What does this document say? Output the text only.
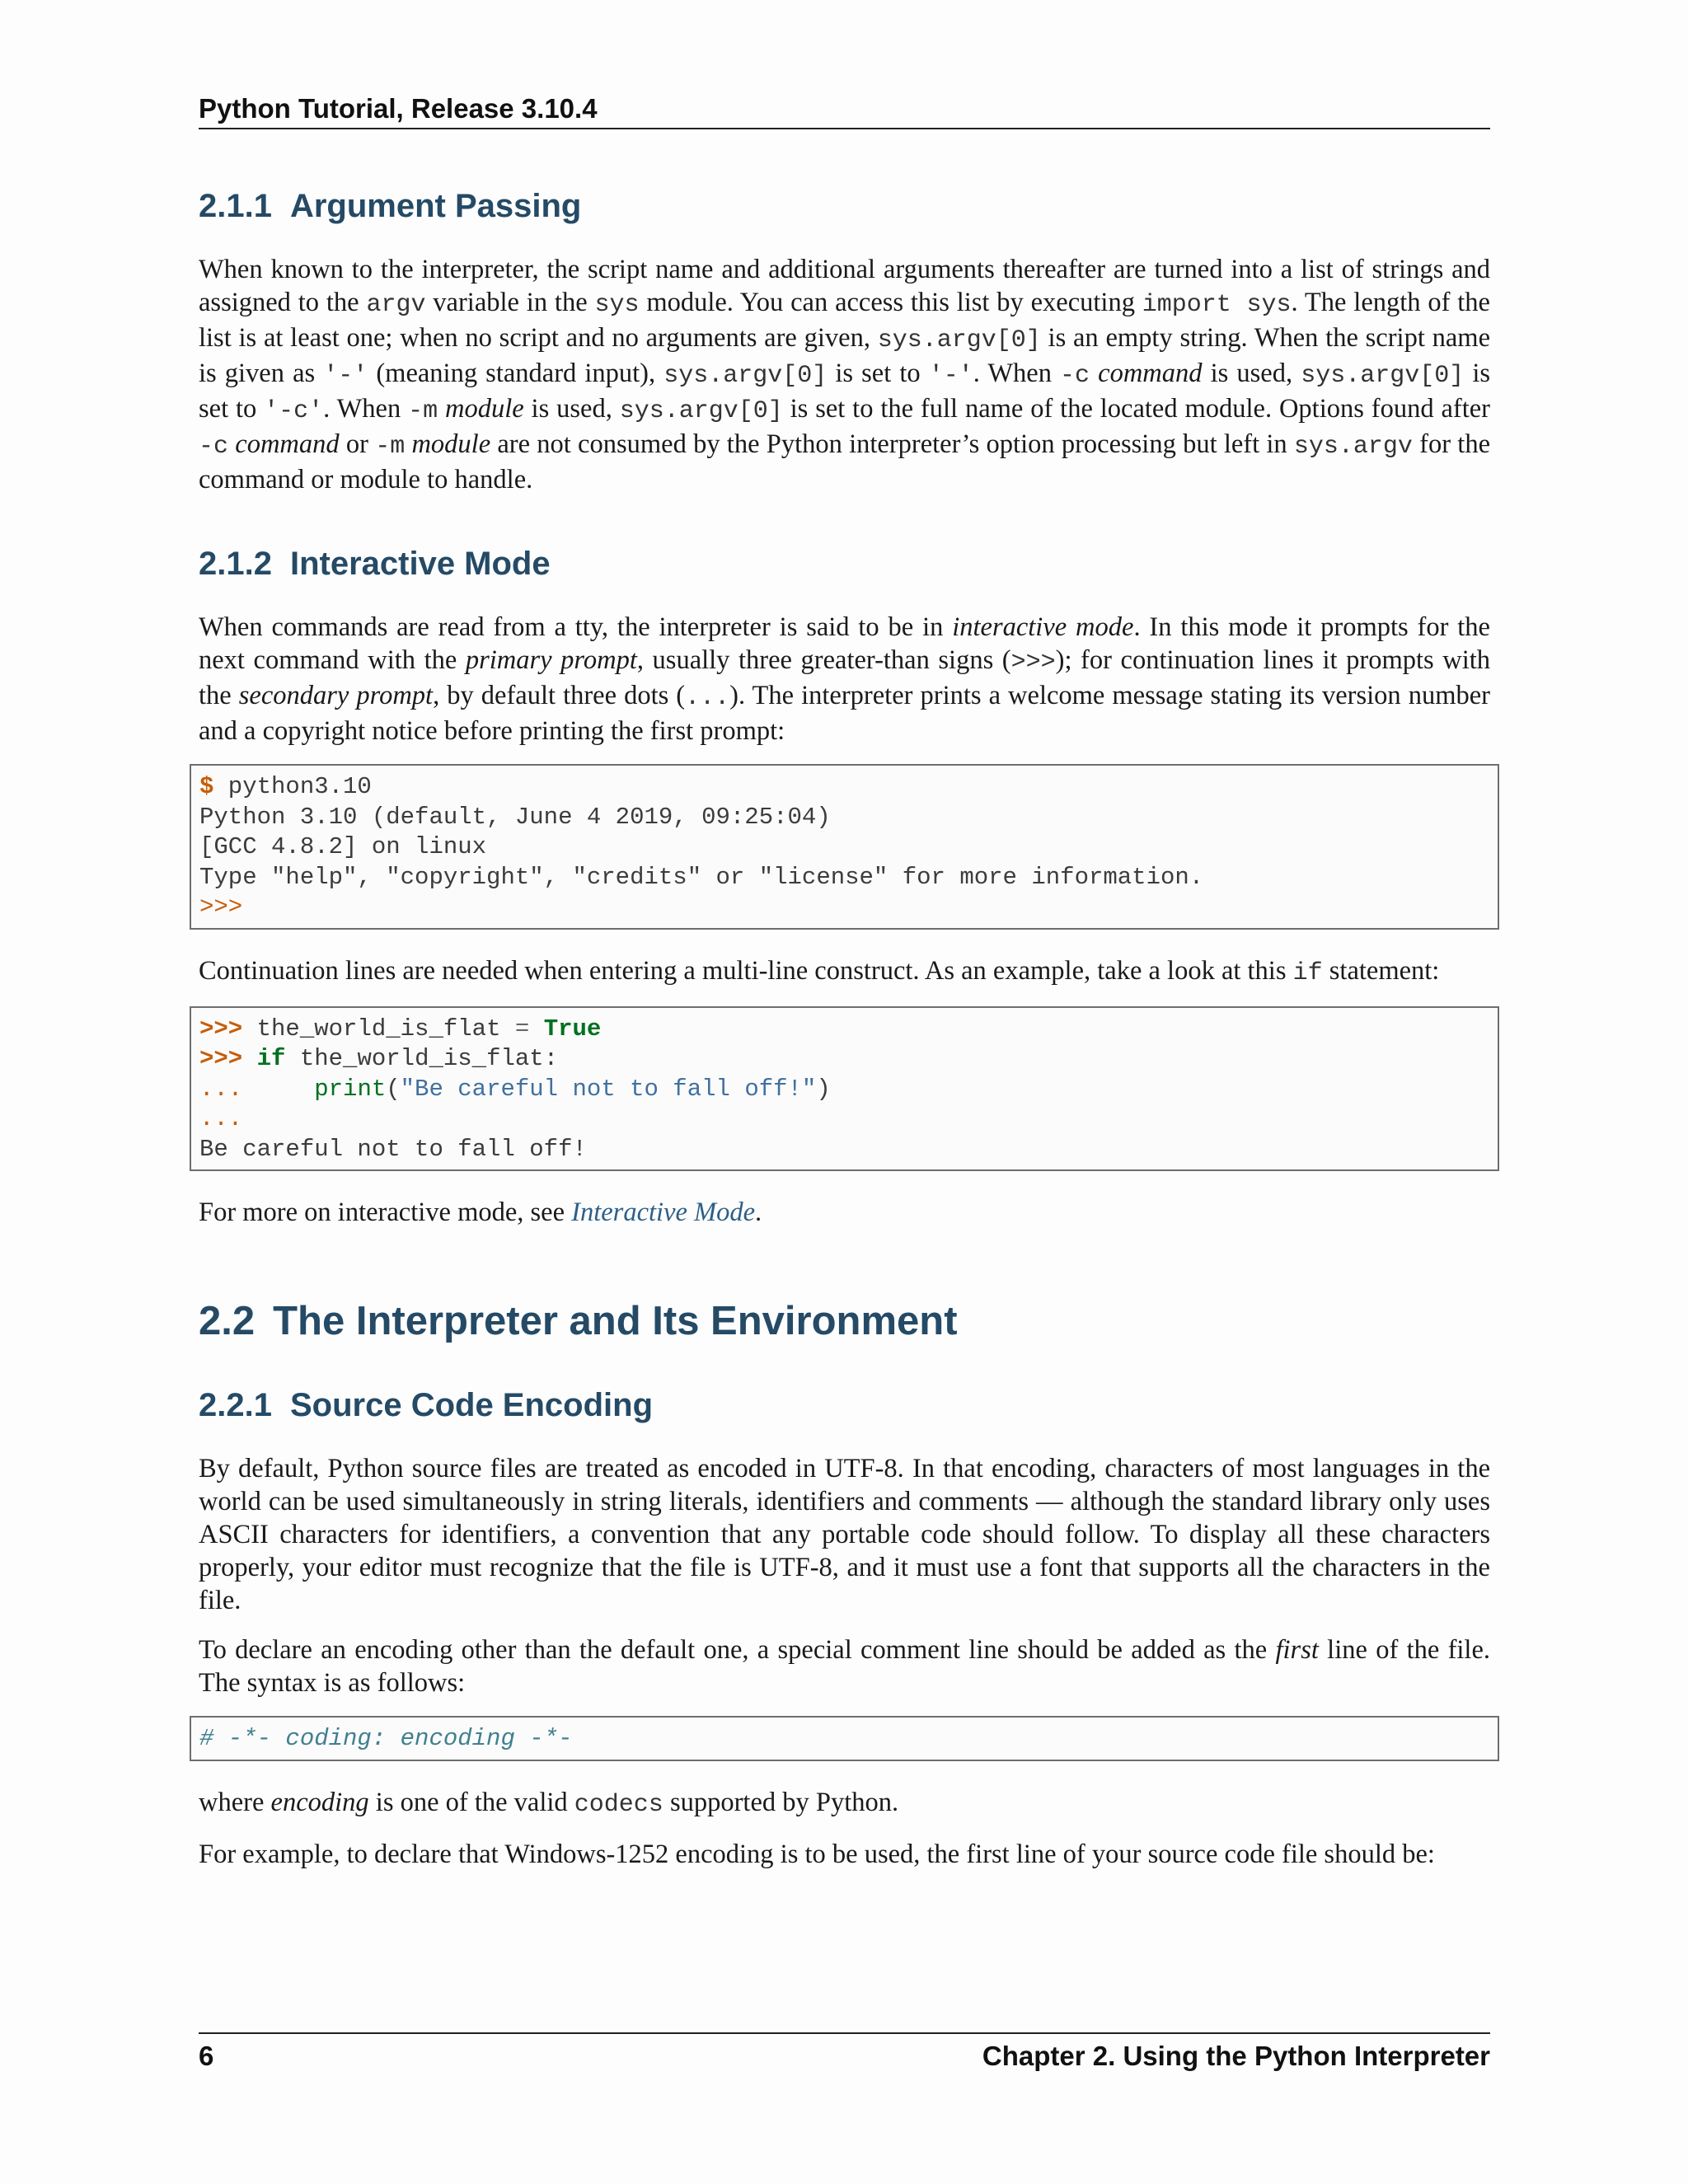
Python Tutorial, Release 3.10.4
2.1.1 Argument Passing

When known to the interpreter, the script name and additional arguments thereafter are turned into a list of strings and assigned to the argv variable in the sys module. You can access this list by executing import sys. The length of the list is at least one; when no script and no arguments are given, sys.argv[0] is an empty string. When the script name is given as '-' (meaning standard input), sys.argv[0] is set to '-'. When -c command is used, sys.argv[0] is set to '-c'. When -m module is used, sys.argv[0] is set to the full name of the located module. Options found after -c command or -m module are not consumed by the Python interpreter’s option processing but left in sys.argv for the command or module to handle.

2.1.2 Interactive Mode

When commands are read from a tty, the interpreter is said to be in interactive mode. In this mode it prompts for the next command with the primary prompt, usually three greater-than signs (>>>); for continuation lines it prompts with the secondary prompt, by default three dots (...). The interpreter prints a welcome message stating its version number and a copyright notice before printing the first prompt:

$ python3.10
Python 3.10 (default, June 4 2019, 09:25:04)
[GCC 4.8.2] on linux
Type "help", "copyright", "credits" or "license" for more information.
>>>

Continuation lines are needed when entering a multi-line construct. As an example, take a look at this if statement:

>>> the_world_is_flat = True
>>> if the_world_is_flat:
...	print("Be careful not to fall off!")
...
Be careful not to fall off!

For more on interactive mode, see Interactive Mode.

2.2 The Interpreter and Its Environment
2.2.1 Source Code Encoding

By default, Python source files are treated as encoded in UTF-8. In that encoding, characters of most languages in the world can be used simultaneously in string literals, identifiers and comments — although the standard library only uses ASCII characters for identifiers, a convention that any portable code should follow. To display all these characters properly, your editor must recognize that the file is UTF-8, and it must use a font that supports all the characters in the file.

To declare an encoding other than the default one, a special comment line should be added as the first line of the file. The syntax is as follows:

# -*- coding: encoding -*-

where encoding is one of the valid codecs supported by Python.

For example, to declare that Windows-1252 encoding is to be used, the first line of your source code file should be:

6	Chapter 2. Using the Python Interpreter
